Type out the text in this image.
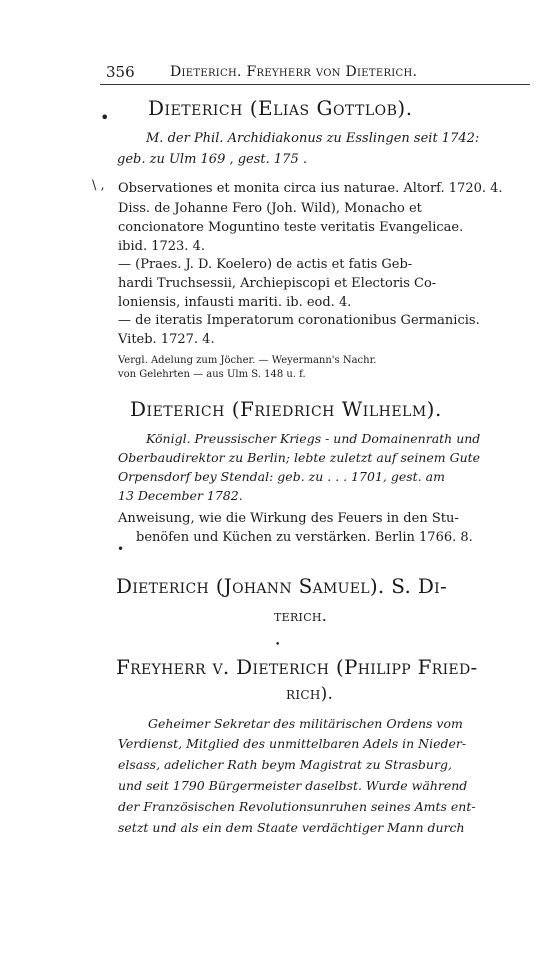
356	Dieterich. Freyherr von Dieterich.
Dieterich (Elias Gottlob).
M. der Phil. Archidiakonus zu Esslingen seit 1742:
geb. zu Ulm 169 , gest. 175 .
Observationes et monita circa ius naturae. Altorf. 1720. 4.
Diss. de Johanne Fero (Joh. Wild), Monacho et
concionatore Moguntino teste veritatis Evangelicae.
ibid. 1723. 4.
— (Praes. J. D. Koelero) de actis et fatis Geb-
hardi Truchsessii, Archiepiscopi et Electoris Co-
loniensis, infausti mariti. ib. eod. 4.
— de iteratis Imperatorum coronationibus Germanicis.
Viteb. 1727. 4.
Vergl. Adelung zum Jöcher. — Weyermann's Nachr.
von Gelehrten — aus Ulm S. 148 u. f.
Dieterich (Friedrich Wilhelm).
Königl. Preussischer Kriegs - und Domainenrath und
Oberbaudirektor zu Berlin; lebte zuletzt auf seinem Gute
Orpensdorf bey Stendal: geb. zu . . . 1701, gest. am
13 December 1782.
Anweisung, wie die Wirkung des Feuers in den Stu-
benöfen und Küchen zu verstärken. Berlin 1766. 8.
Dieterich (Johann Samuel). S. Di-
terich.
Freyherr v. Dieterich (Philipp Fried-
rich).
Geheimer Sekretar des militärischen Ordens vom
Verdienst, Mitglied des unmittelbaren Adels in Nieder-
elsass, adelicher Rath beym Magistrat zu Strasburg,
und seit 1790 Bürgermeister daselbst. Wurde während
der Französischen Revolutionsunruhen seines Amts ent-
setzt und als ein dem Staate verdächtiger Mann durch
•
\ ,
•
•
